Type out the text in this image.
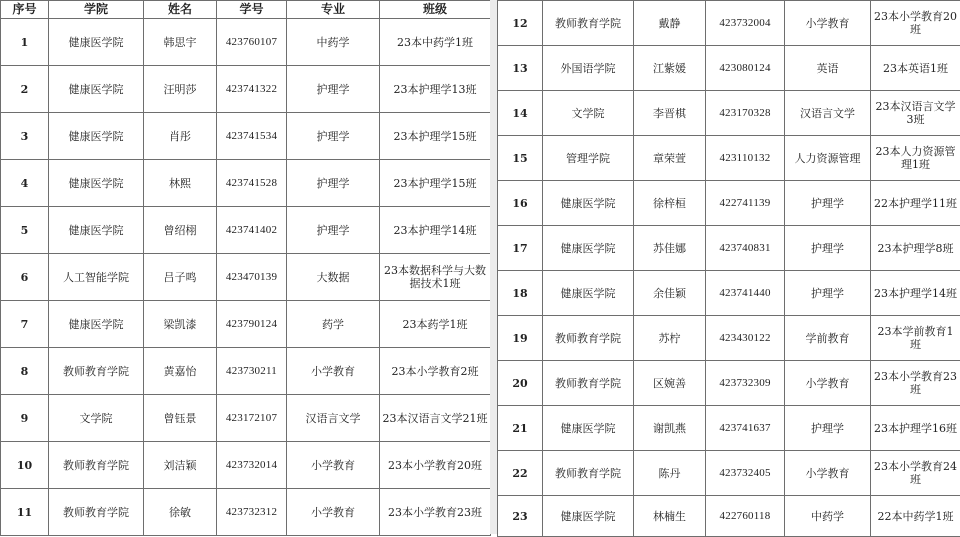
序号	学院	姓名	学号	专业	班级
1	健康医学院	韩思宇	423760107	中药学	23本中药学1班
2	健康医学院	汪明莎	423741322	护理学	23本护理学13班
3	健康医学院	肖彤	423741534	护理学	23本护理学15班
4	健康医学院	林熙	423741528	护理学	23本护理学15班
5	健康医学院	曾绍栩	423741402	护理学	23本护理学14班
6	人工智能学院	吕子鸣	423470139	大数据	23本数据科学与大数据技术1班
7	健康医学院	梁凯漆	423790124	药学	23本药学1班
8	教师教育学院	黄嘉怡	423730211	小学教育	23本小学教育2班
9	文学院	曾钰景	423172107	汉语言文学	23本汉语言文学21班
10	教师教育学院	刘洁颖	423732014	小学教育	23本小学教育20班
11	教师教育学院	徐敏	423732312	小学教育	23本小学教育23班
12	教师教育学院	戴静	423732004	小学教育	23本小学教育20班
13	外国语学院	江紫媛	423080124	英语	23本英语1班
14	文学院	李晋棋	423170328	汉语言文学	23本汉语言文学3班
15	管理学院	章荣萱	423110132	人力资源管理	23本人力资源管理1班
16	健康医学院	徐梓桓	422741139	护理学	22本护理学11班
17	健康医学院	苏佳娜	423740831	护理学	23本护理学8班
18	健康医学院	余佳颖	423741440	护理学	23本护理学14班
19	教师教育学院	苏柠	423430122	学前教育	23本学前教育1班
20	教师教育学院	区婉善	423732309	小学教育	23本小学教育23班
21	健康医学院	谢凯燕	423741637	护理学	23本护理学16班
22	教师教育学院	陈丹	423732405	小学教育	23本小学教育24班
23	健康医学院	林楠生	422760118	中药学	22本中药学1班
